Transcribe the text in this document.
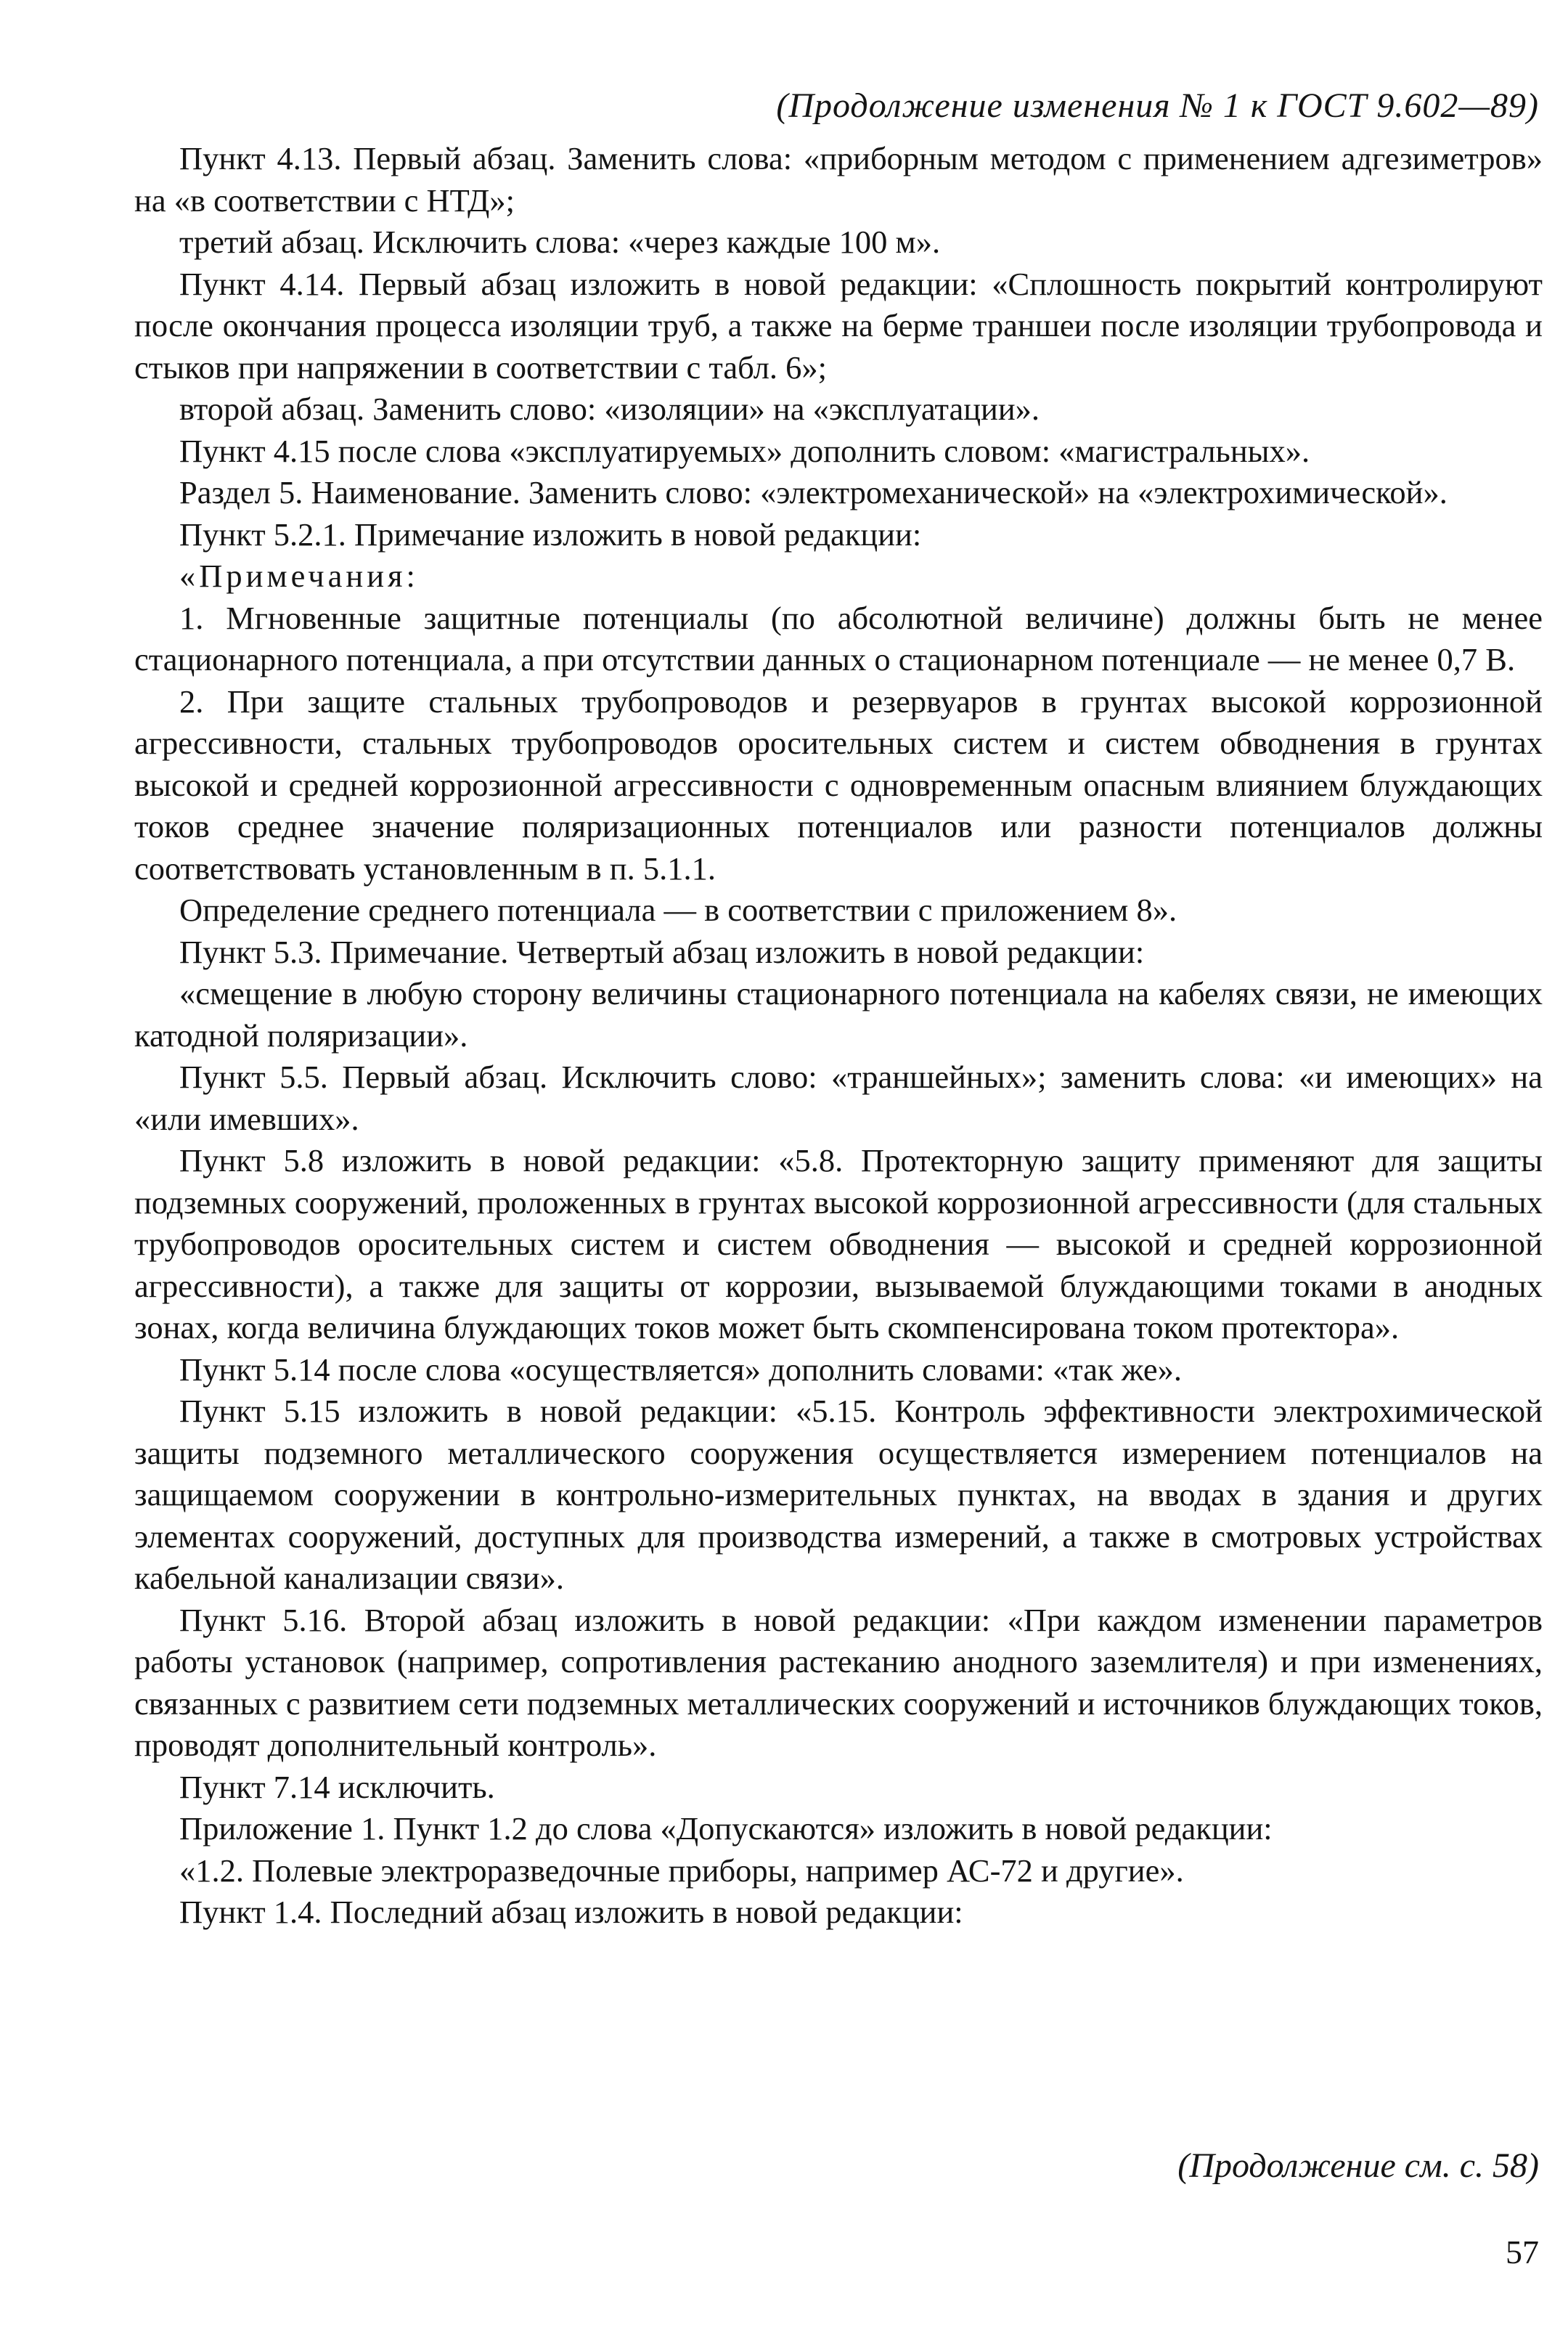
(Продолжение изменения № 1 к ГОСТ 9.602—89)

Пункт 4.13. Первый абзац. Заменить слова: «приборным методом с применением адгезиметров» на «в соответствии с НТД»;

третий абзац. Исключить слова: «через каждые 100 м».

Пункт 4.14. Первый абзац изложить в новой редакции: «Сплошность покрытий контролируют после окончания процесса изоляции труб, а также на берме траншеи после изоляции трубопровода и стыков при напряжении в соответствии с табл. 6»;

второй абзац. Заменить слово: «изоляции» на «эксплуатации».

Пункт 4.15 после слова «эксплуатируемых» дополнить словом: «магистральных».

Раздел 5. Наименование. Заменить слово: «электромеханической» на «электрохимической».

Пункт 5.2.1. Примечание изложить в новой редакции:

«Примечания:

1. Мгновенные защитные потенциалы (по абсолютной величине) должны быть не менее стационарного потенциала, а при отсутствии данных о стационарном потенциале — не менее 0,7 В.

2. При защите стальных трубопроводов и резервуаров в грунтах высокой коррозионной агрессивности, стальных трубопроводов оросительных систем и систем обводнения в грунтах высокой и средней коррозионной агрессивности с одновременным опасным влиянием блуждающих токов среднее значение поляризационных потенциалов или разности потенциалов должны соответствовать установленным в п. 5.1.1.

Определение среднего потенциала — в соответствии с приложением 8».

Пункт 5.3. Примечание. Четвертый абзац изложить в новой редакции:

«смещение в любую сторону величины стационарного потенциала на кабелях связи, не имеющих катодной поляризации».

Пункт 5.5. Первый абзац. Исключить слово: «траншейных»; заменить слова: «и имеющих» на «или имевших».

Пункт 5.8 изложить в новой редакции: «5.8. Протекторную защиту применяют для защиты подземных сооружений, проложенных в грунтах высокой коррозионной агрессивности (для стальных трубопроводов оросительных систем и систем обводнения — высокой и средней коррозионной агрессивности), а также для защиты от коррозии, вызываемой блуждающими токами в анодных зонах, когда величина блуждающих токов может быть скомпенсирована током протектора».

Пункт 5.14 после слова «осуществляется» дополнить словами: «так же».

Пункт 5.15 изложить в новой редакции: «5.15. Контроль эффективности электрохимической защиты подземного металлического сооружения осуществляется измерением потенциалов на защищаемом сооружении в контрольно-измерительных пунктах, на вводах в здания и других элементах сооружений, доступных для производства измерений, а также в смотровых устройствах кабельной канализации связи».

Пункт 5.16. Второй абзац изложить в новой редакции: «При каждом изменении параметров работы установок (например, сопротивления растеканию анодного заземлителя) и при изменениях, связанных с развитием сети подземных металлических сооружений и источников блуждающих токов, проводят дополнительный контроль».

Пункт 7.14 исключить.

Приложение 1. Пункт 1.2 до слова «Допускаются» изложить в новой редакции:

«1.2. Полевые электроразведочные приборы, например АС-72 и другие».

Пункт 1.4. Последний абзац изложить в новой редакции:

(Продолжение см. с. 58)
57
